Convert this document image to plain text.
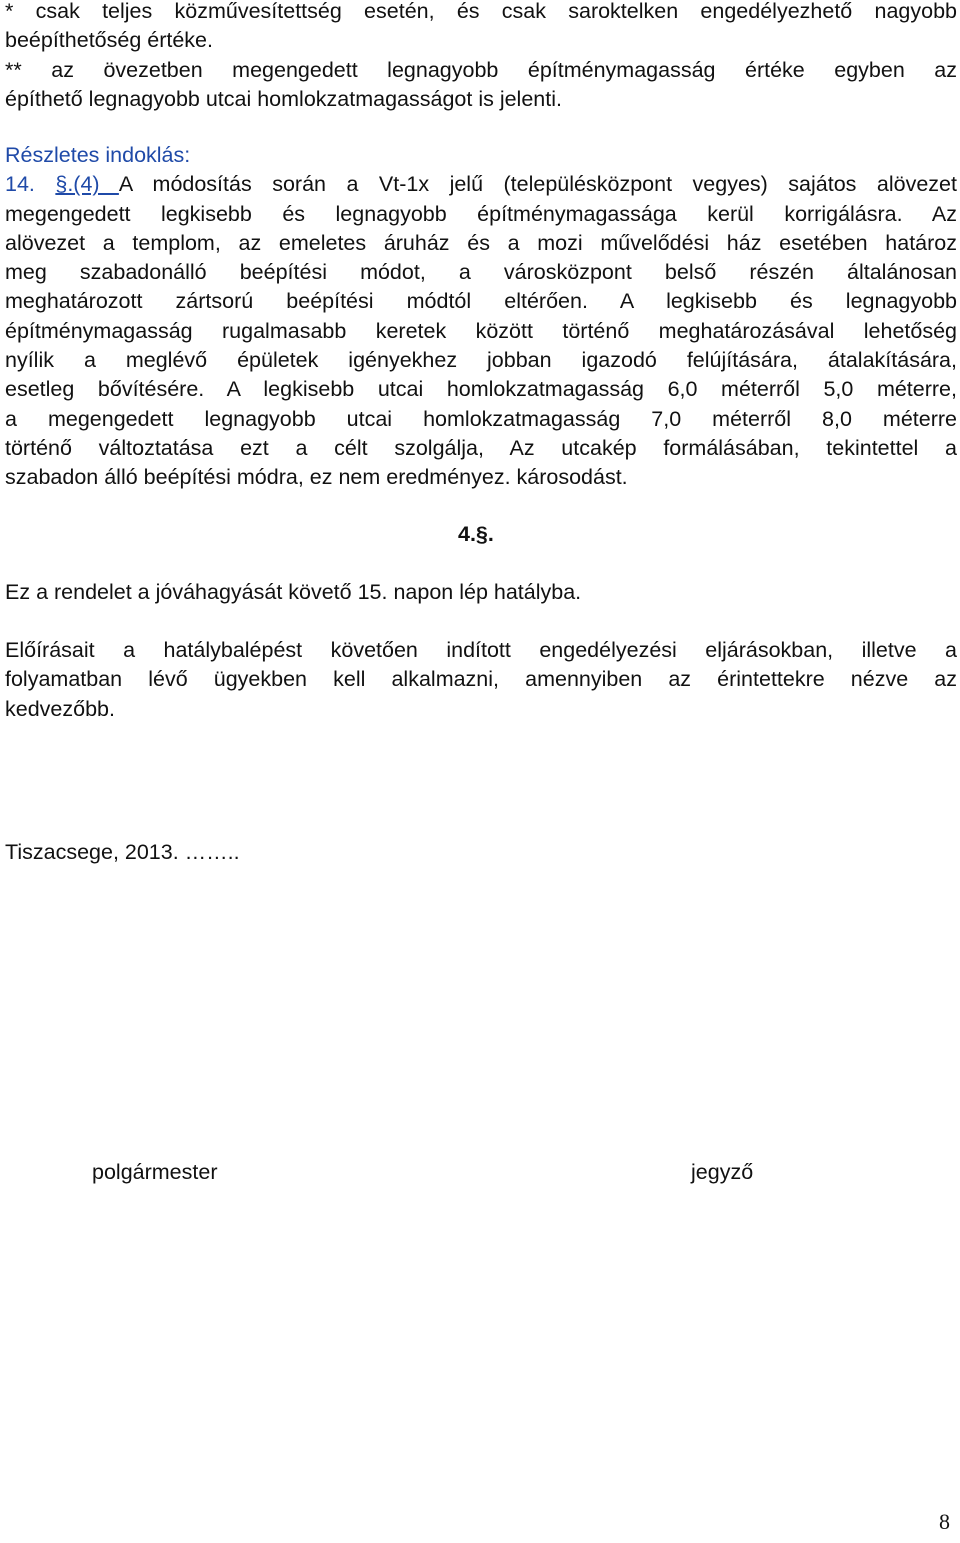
* csak teljes közművesítettség esetén, és csak saroktelken engedélyezhető nagyobb
beépíthetőség értéke.
** az övezetben megengedett legnagyobb építménymagasság értéke egyben az
építhető legnagyobb utcai homlokzatmagasságot is jelenti.
Részletes indoklás:
14. §.(4) A módosítás során a Vt-1x jelű (településközpont vegyes) sajátos alövezet
megengedett legkisebb és legnagyobb építménymagassága kerül korrigálásra. Az
alövezet a templom, az emeletes áruház és a mozi művelődési ház esetében határoz
meg szabadonálló beépítési módot, a városközpont belső részén általánosan
meghatározott zártsorú beépítési módtól eltérően. A legkisebb és legnagyobb
építménymagasság rugalmasabb keretek között történő meghatározásával lehetőség
nyílik a meglévő épületek igényekhez jobban igazodó felújítására, átalakítására,
esetleg bővítésére. A legkisebb utcai homlokzatmagasság 6,0 méterről 5,0 méterre,
a megengedett legnagyobb utcai homlokzatmagasság 7,0 méterről 8,0 méterre
történő változtatása ezt a célt szolgálja, Az utcakép formálásában, tekintettel a
szabadon álló beépítési módra, ez nem eredményez. károsodást.
4.§.
Ez a rendelet a jóváhagyását követő 15. napon lép hatályba.
Előírásait a hatálybalépést követően indított engedélyezési eljárásokban, illetve a
folyamatban lévő ügyekben kell alkalmazni, amennyiben az érintettekre nézve az
kedvezőbb.
Tiszacsege, 2013. ……..
polgármester	jegyző
8
